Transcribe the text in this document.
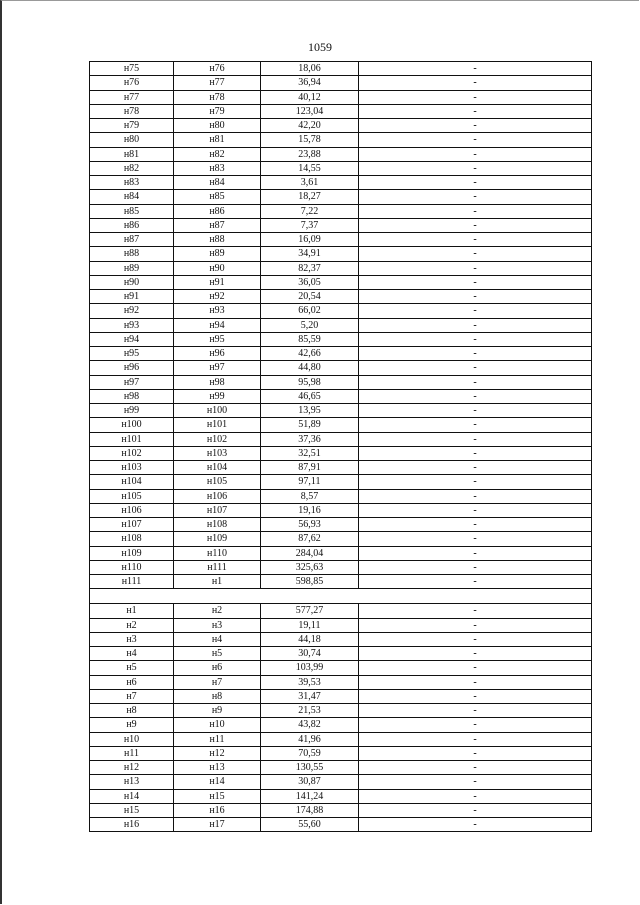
1059
н75	н76	18,06	-
н76	н77	36,94	-
н77	н78	40,12	-
н78	н79	123,04	-
н79	н80	42,20	-
н80	н81	15,78	-
н81	н82	23,88	-
н82	н83	14,55	-
н83	н84	3,61	-
н84	н85	18,27	-
н85	н86	7,22	-
н86	н87	7,37	-
н87	н88	16,09	-
н88	н89	34,91	-
н89	н90	82,37	-
н90	н91	36,05	-
н91	н92	20,54	-
н92	н93	66,02	-
н93	н94	5,20	-
н94	н95	85,59	-
н95	н96	42,66	-
н96	н97	44,80	-
н97	н98	95,98	-
н98	н99	46,65	-
н99	н100	13,95	-
н100	н101	51,89	-
н101	н102	37,36	-
н102	н103	32,51	-
н103	н104	87,91	-
н104	н105	97,11	-
н105	н106	8,57	-
н106	н107	19,16	-
н107	н108	56,93	-
н108	н109	87,62	-
н109	н110	284,04	-
н110	н111	325,63	-
н111	н1	598,85	-

н1	н2	577,27	-
н2	н3	19,11	-
н3	н4	44,18	-
н4	н5	30,74	-
н5	н6	103,99	-
н6	н7	39,53	-
н7	н8	31,47	-
н8	н9	21,53	-
н9	н10	43,82	-
н10	н11	41,96	-
н11	н12	70,59	-
н12	н13	130,55	-
н13	н14	30,87	-
н14	н15	141,24	-
н15	н16	174,88	-
н16	н17	55,60	-
